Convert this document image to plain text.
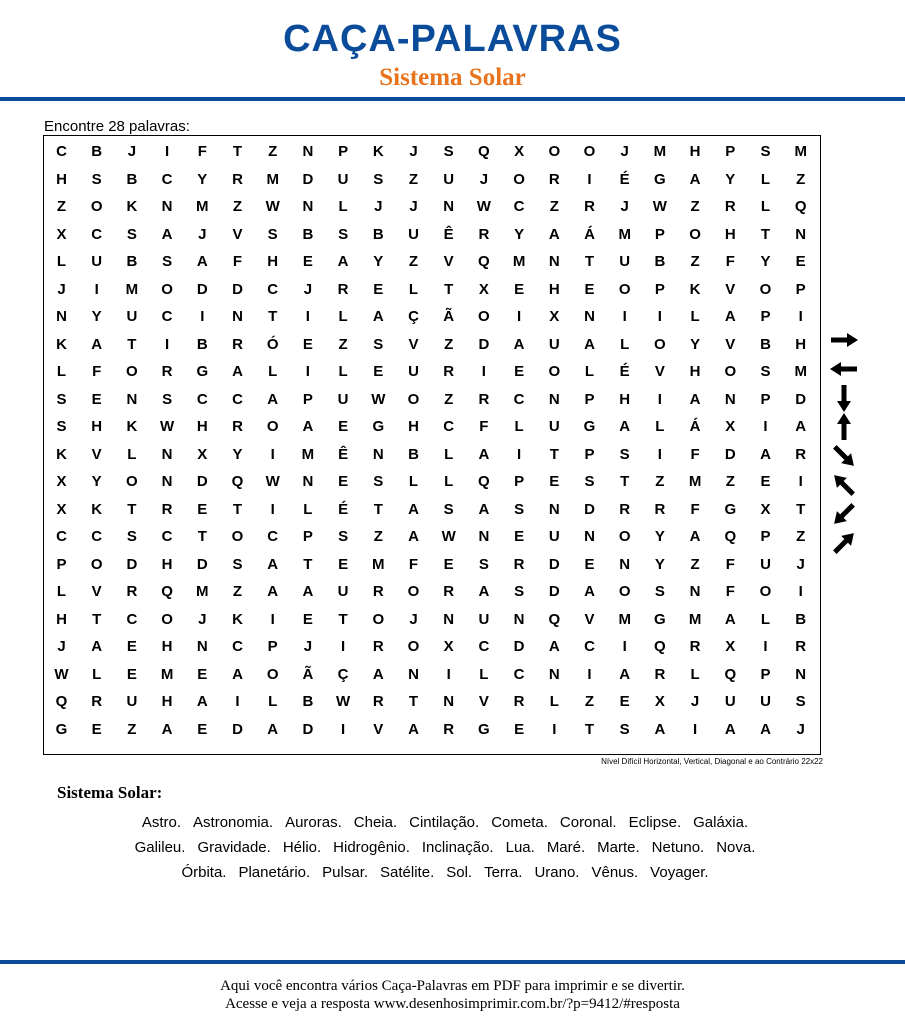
CAÇA-PALAVRAS
Sistema Solar
Encontre 28 palavras:
C	B	J	I	F	T	Z	N	P	K	J	S	Q	X	O	O	J	M	H	P	S	M
H	S	B	C	Y	R	M	D	U	S	Z	U	J	O	R	I	É	G	A	Y	L	Z
Z	O	K	N	M	Z	W	N	L	J	J	N	W	C	Z	R	J	W	Z	R	L	Q
X	C	S	A	J	V	S	B	S	B	U	Ê	R	Y	A	Á	M	P	O	H	T	N
L	U	B	S	A	F	H	E	A	Y	Z	V	Q	M	N	T	U	B	Z	F	Y	E
J	I	M	O	D	D	C	J	R	E	L	T	X	E	H	E	O	P	K	V	O	P
N	Y	U	C	I	N	T	I	L	A	Ç	Ã	O	I	X	N	I	I	L	A	P	I
K	A	T	I	B	R	Ó	E	Z	S	V	Z	D	A	U	A	L	O	Y	V	B	H
L	F	O	R	G	A	L	I	L	E	U	R	I	E	O	L	É	V	H	O	S	M
S	E	N	S	C	C	A	P	U	W	O	Z	R	C	N	P	H	I	A	N	P	D
S	H	K	W	H	R	O	A	E	G	H	C	F	L	U	G	A	L	Á	X	I	A
K	V	L	N	X	Y	I	M	Ê	N	B	L	A	I	T	P	S	I	F	D	A	R
X	Y	O	N	D	Q	W	N	E	S	L	L	Q	P	E	S	T	Z	M	Z	E	I
X	K	T	R	E	T	I	L	É	T	A	S	A	S	N	D	R	R	F	G	X	T
C	C	S	C	T	O	C	P	S	Z	A	W	N	E	U	N	O	Y	A	Q	P	Z
P	O	D	H	D	S	A	T	E	M	F	E	S	R	D	E	N	Y	Z	F	U	J
L	V	R	Q	M	Z	A	A	U	R	O	R	A	S	D	A	O	S	N	F	O	I
H	T	C	O	J	K	I	E	T	O	J	N	U	N	Q	V	M	G	M	A	L	B
J	A	E	H	N	C	P	J	I	R	O	X	C	D	A	C	I	Q	R	X	I	R
W	L	E	M	E	A	O	Ã	Ç	A	N	I	L	C	N	I	A	R	L	Q	P	N
Q	R	U	H	A	I	L	B	W	R	T	N	V	R	L	Z	E	X	J	U	U	S
G	E	Z	A	E	D	A	D	I	V	A	R	G	E	I	T	S	A	I	A	A	J
Nível Difícil Horizontal, Vertical, Diagonal e ao Contrário 22x22
Sistema Solar:
Astro. Astronomia. Auroras. Cheia. Cintilação. Cometa. Coronal. Eclipse. Galáxia.
Galileu. Gravidade. Hélio. Hidrogênio. Inclinação. Lua. Maré. Marte. Netuno. Nova.
Órbita. Planetário. Pulsar. Satélite. Sol. Terra. Urano. Vênus. Voyager.
Aqui você encontra vários Caça-Palavras em PDF para imprimir e se divertir.
Acesse e veja a resposta www.desenhosimprimir.com.br/?p=9412/#resposta
